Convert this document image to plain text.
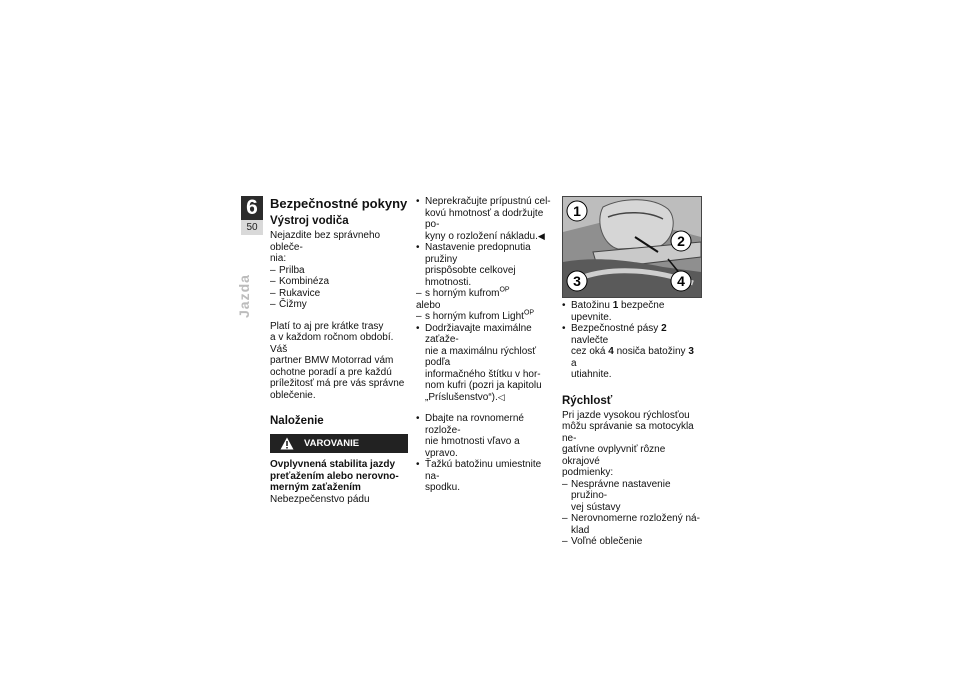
6
50
Jazda
Bezpečnostné pokyny
Výstroj vodiča

Nejazdite bez správneho obleče-

nia:

– Prilba
– Kombinéza
– Rukavice
– Čižmy

Platí to aj pre krátke trasy

a v každom ročnom období. Váš

partner BMW Motorrad vám

ochotne poradí a pre každú

príležitosť má pre vás správne

oblečenie.

Naloženie
VAROVANIE

Ovplyvnená stabilita jazdy

preťažením alebo nerovno-

merným zaťažením

Nebezpečenstvo pádu

• Neprekračujte prípustnú cel-
kovú hmotnosť a dodržujte po-
kyny o rozložení nákladu.◀
• Nastavenie predopnutia pružiny
prispôsobte celkovej hmotnosti.
– s horným kufrom$^{OP}$
alebo
– s horným kufrom Light$^{OP}$
• Dodržiavajte maximálne zaťaže-
nie a maximálnu rýchlosť podľa
informačného štítku v hor-
nom kufri (pozri ja kapitolu
„Príslušenstvo“).◁
• Dbajte na rovnomerné rozlože-
nie hmotnosti vľavo a vpravo.
• Ťažkú batožinu umiestnite na-
spodku.
1
2
3	4
• Batožinu 1 bezpečne upevnite.
• Bezpečnostné pásy 2 navlečte
cez oká 4 nosiča batožiny 3 a
utiahnite.
Rýchlosť

Pri jazde vysokou rýchlosťou

môžu správanie sa motocykla ne-

gatívne ovplyvniť rôzne okrajové

podmienky:

– Nesprávne nastavenie pružino-
vej sústavy
– Nerovnomerne rozložený ná-
klad
– Voľné oblečenie
